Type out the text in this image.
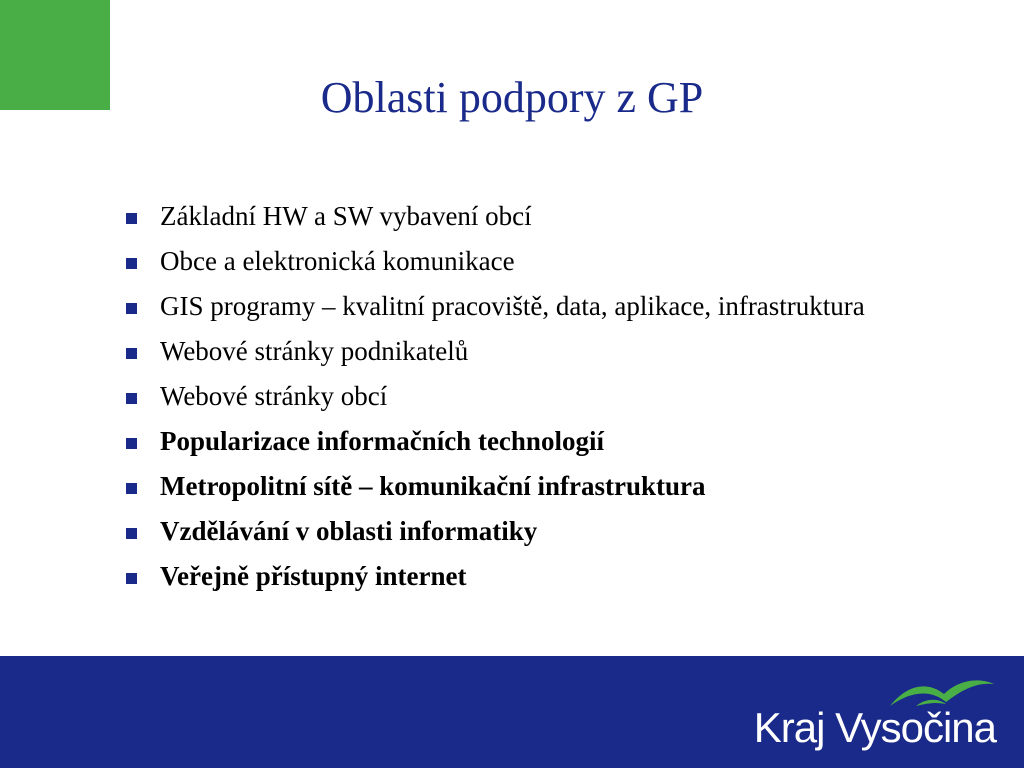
Oblasti podpory z GP
Základní HW a SW vybavení obcí
Obce a elektronická komunikace
GIS programy – kvalitní pracoviště, data, aplikace, infrastruktura
Webové stránky podnikatelů
Webové stránky obcí
Popularizace informačních technologií
Metropolitní sítě – komunikační infrastruktura
Vzdělávání v oblasti informatiky
Veřejně přístupný internet
Kraj Vysočina
